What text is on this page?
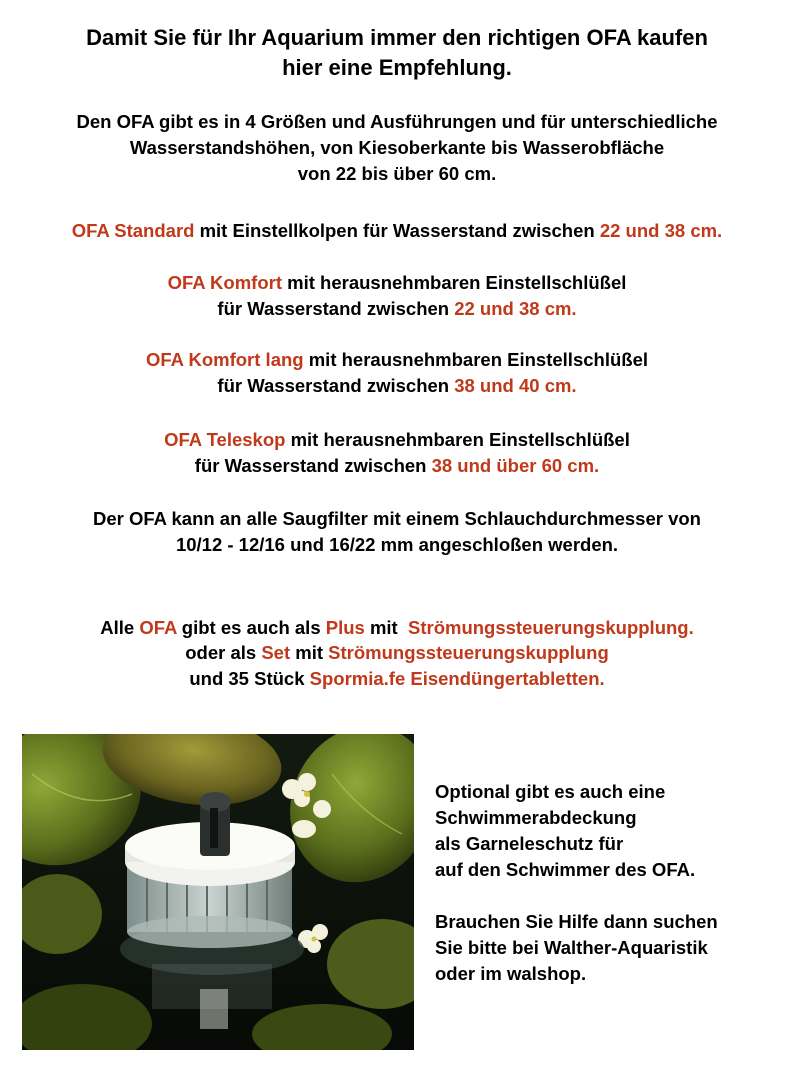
Damit Sie für Ihr Aquarium immer den richtigen OFA kaufen
hier eine Empfehlung.
Den OFA gibt es in 4 Größen und Ausführungen und für unterschiedliche
Wasserstandshöhen, von Kiesoberkante bis Wasserobfläche
von 22 bis über 60 cm.
OFA Standard mit Einstellkolpen für Wasserstand zwischen 22 und 38 cm.
OFA Komfort mit herausnehmbaren Einstellschlüßel
für Wasserstand zwischen 22 und 38 cm.
OFA Komfort lang mit herausnehmbaren Einstellschlüßel
für Wasserstand zwischen 38 und 40 cm.
OFA Teleskop mit herausnehmbaren Einstellschlüßel
für Wasserstand zwischen 38 und über 60 cm.
Der OFA kann an alle Saugfilter mit einem Schlauchdurchmesser von
10/12 - 12/16 und 16/22 mm angeschloßen werden.
Alle OFA gibt es auch als Plus mit  Strömungssteuerungskupplung.
oder als Set mit Strömungssteuerungskupplung
und 35 Stück Spormia.fe Eisendüngertabletten.
Optional gibt es auch eine
Schwimmerabdeckung
als Garneleschutz für
auf den Schwimmer des OFA.
Brauchen Sie Hilfe dann suchen
Sie bitte bei Walther-Aquaristik
oder im walshop.
